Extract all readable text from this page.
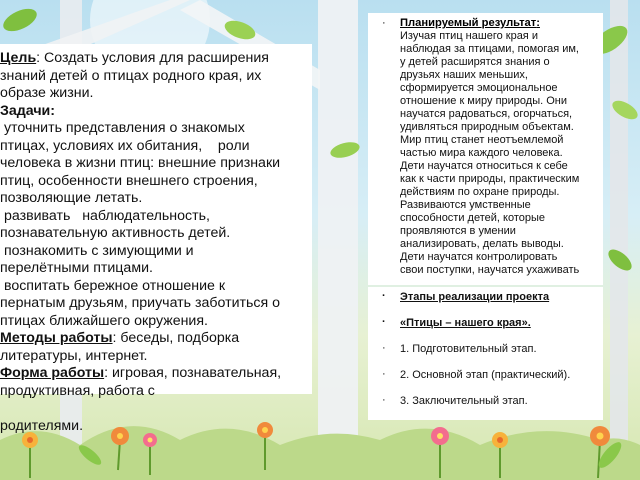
Цель: Создать условия для расширения

знаний детей о птицах родного края, их

образе жизни.

Задачи:

уточнить представления о знакомых

птицах, условиях их обитания,    роли

человека в жизни птиц: внешние признаки

птиц, особенности внешнего строения,

позволяющие летать.

развивать   наблюдательность,

познавательную активность детей.

познакомить с зимующими и

перелётными птицами.

воспитать бережное отношение к

пернатым друзьям, приучать заботиться о

птицах ближайшего окружения.

Методы работы: беседы, подборка

литературы, интернет.

Форма работы: игровая, познавательная,

продуктивная, работа с

родителями.

· Планируемый результат:
Изучая птиц нашего края и
наблюдая за птицами, помогая им,
у детей расширятся знания о
друзьях наших меньших,
сформируется эмоциональное
отношение к миру природы. Они
научатся радоваться, огорчаться,
удивляться природным объектам.
Мир птиц станет неотъемлемой
частью мира каждого человека.
Дети научатся относиться к себе
как к части природы, практическим
действиям по охране природы.
Развиваются умственные
способности детей, которые
проявляются в умении
анализировать, делать выводы.
Дети научатся контролировать
свои поступки, научатся ухаживать
· Этапы реализации проекта
· «Птицы – нашего края».
· 1. Подготовительный этап.
· 2. Основной этап (практический).
· 3. Заключительный этап.
